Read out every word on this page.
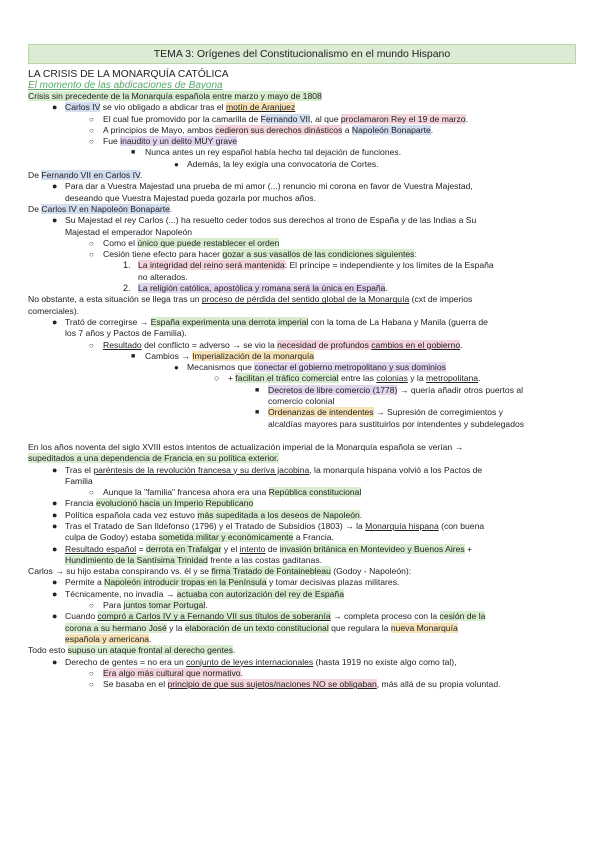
TEMA 3: Orígenes del Constitucionalismo en el mundo Hispano
LA CRISIS DE LA MONARQUÍA CATÓLICA
El momento de las abdicaciones de Bayona
Crisis sin precedente de la Monarquía española entre marzo y mayo de 1808
● Carlos IV se vio obligado a abdicar tras el motín de Aranjuez
○ El cual fue promovido por la camarilla de Fernando VII, al que proclamaron Rey el 19 de marzo.
○ A principios de Mayo, ambos cedieron sus derechos dinásticos a Napoleón Bonaparte.
○ Fue inaudito y un delito MUY grave
■ Nunca antes un rey español había hecho tal dejación de funciones.
● Además, la ley exigía una convocatoria de Cortes.
De Fernando VII en Carlos IV.
● Para dar a Vuestra Majestad una prueba de mi amor (...) renuncio mi corona en favor de Vuestra Majestad,
deseando que Vuestra Majestad pueda gozarla por muchos años.
De Carlos IV en Napoleón Bonaparte.
● Su Majestad el rey Carlos (...) ha resuelto ceder todos sus derechos al trono de España y de las Indias a Su
Majestad el emperador Napoleón
○ Como el único que puede restablecer el orden
○ Cesión tiene efecto para hacer gozar a sus vasallos de las condiciones siguientes:
1. La integridad del reino será mantenida: El príncipe = independiente y los límites de la España
no alterados.
2. La religión católica, apostólica y romana será la única en España.
No obstante, a esta situación se llega tras un proceso de pérdida del sentido global de la Monarquía (cxt de imperios
comerciales).
● Trató de corregirse → España experimenta una derrota imperial con la toma de La Habana y Manila (guerra de
los 7 años y Pactos de Familia).
○ Resultado del conflicto = adverso → se vio la necesidad de profundos cambios en el gobierno.
■ Cambios → Imperialización de la monarquía
● Mecanismos que conectar el gobierno metropolitano y sus dominios
○ + facilitan el tráfico comercial entre las colonias y la metropolitana.
■ Decretos de libre comercio (1778) → quería añadir otros puertos al
comercio colonial
■ Ordenanzas de intendentes → Supresión de corregimientos y
alcaldías mayores para sustituirlos por intendentes y subdelegados
En los años noventa del siglo XVIII estos intentos de actualización imperial de la Monarquía española se verían →
supeditados a una dependencia de Francia en su política exterior.
● Tras el paréntesis de la revolución francesa y su deriva jacobina, la monarquía hispana volvió a los Pactos de
Familia
○ Aunque la "familia" francesa ahora era una República constitucional
● Francia evolucionó hacia un Imperio Republicano
● Política española cada vez estuvo más supeditada a los deseos de Napoleón.
● Tras el Tratado de San Ildefonso (1796) y el Tratado de Subsidios (1803) → la Monarquía hispana (con buena
culpa de Godoy) estaba sometida militar y económicamente a Francia.
● Resultado español = derrota en Trafalgar y el intento de invasión británica en Montevideo y Buenos Aires +
Hundimiento de la Santísima Trinidad frente a las costas gaditanas.
Carlos → su hijo estaba conspirando vs. él y se firma Tratado de Fontainebleau (Godoy - Napoleón):
● Permite a Napoleón introducir tropas en la Península y tomar decisivas plazas militares.
● Técnicamente, no invadía → actuaba con autorización del rey de España
○ Para juntos tomar Portugal.
● Cuando compró a Carlos IV y a Fernando VII sus títulos de soberanía → completa proceso con la cesión de la
corona a su hermano José y la elaboración de un texto constitucional que regulara la nueva Monarquía
española y americana.
Todo esto supuso un ataque frontal al derecho gentes.
● Derecho de gentes = no era un conjunto de leyes internacionales (hasta 1919 no existe algo como tal),
○ Era algo más cultural que normativo.
○ Se basaba en el principio de que sus sujetos/naciones NO se obligaban, más allá de su propia voluntad.
